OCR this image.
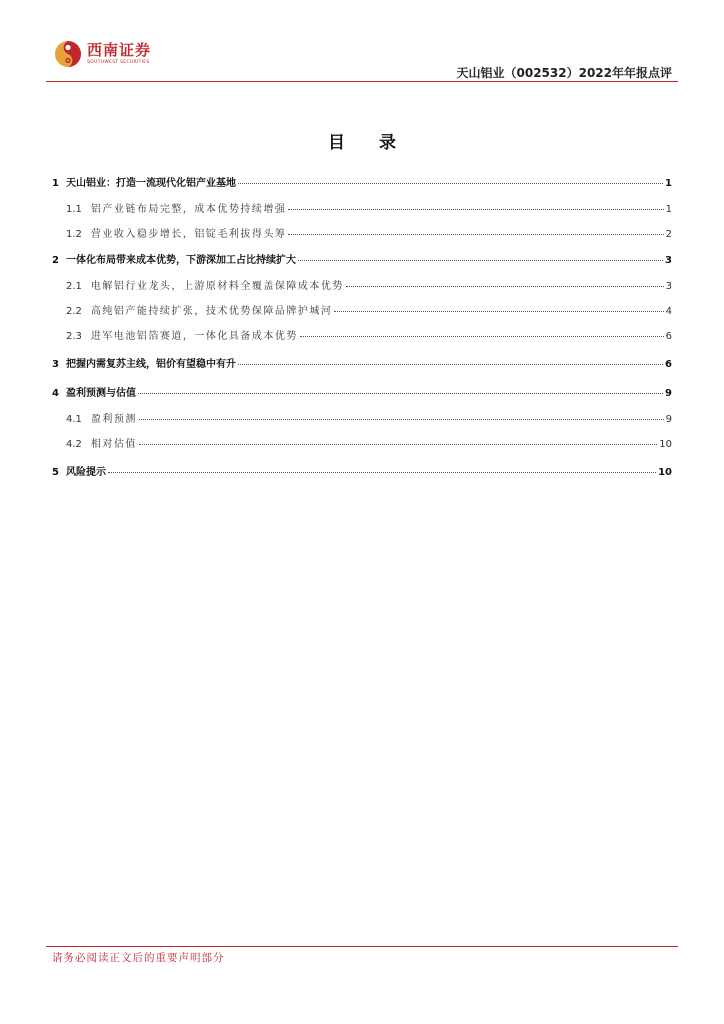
西南证券
SOUTHWEST SECURITIES
天山铝业（002532）2022年年报点评
目 录
1 天山铝业：打造一流现代化铝产业基地	1
1.1 铝产业链布局完整，成本优势持续增强	1
1.2 营业收入稳步增长，铝锭毛利拔得头筹	2
2 一体化布局带来成本优势，下游深加工占比持续扩大	3
2.1 电解铝行业龙头，上游原材料全覆盖保障成本优势	3
2.2 高纯铝产能持续扩张，技术优势保障品牌护城河	4
2.3 进军电池铝箔赛道，一体化具备成本优势	6
3 把握内需复苏主线，铝价有望稳中有升	6
4 盈利预测与估值	9
4.1 盈利预测	9
4.2 相对估值	10
5 风险提示	10
请务必阅读正文后的重要声明部分
